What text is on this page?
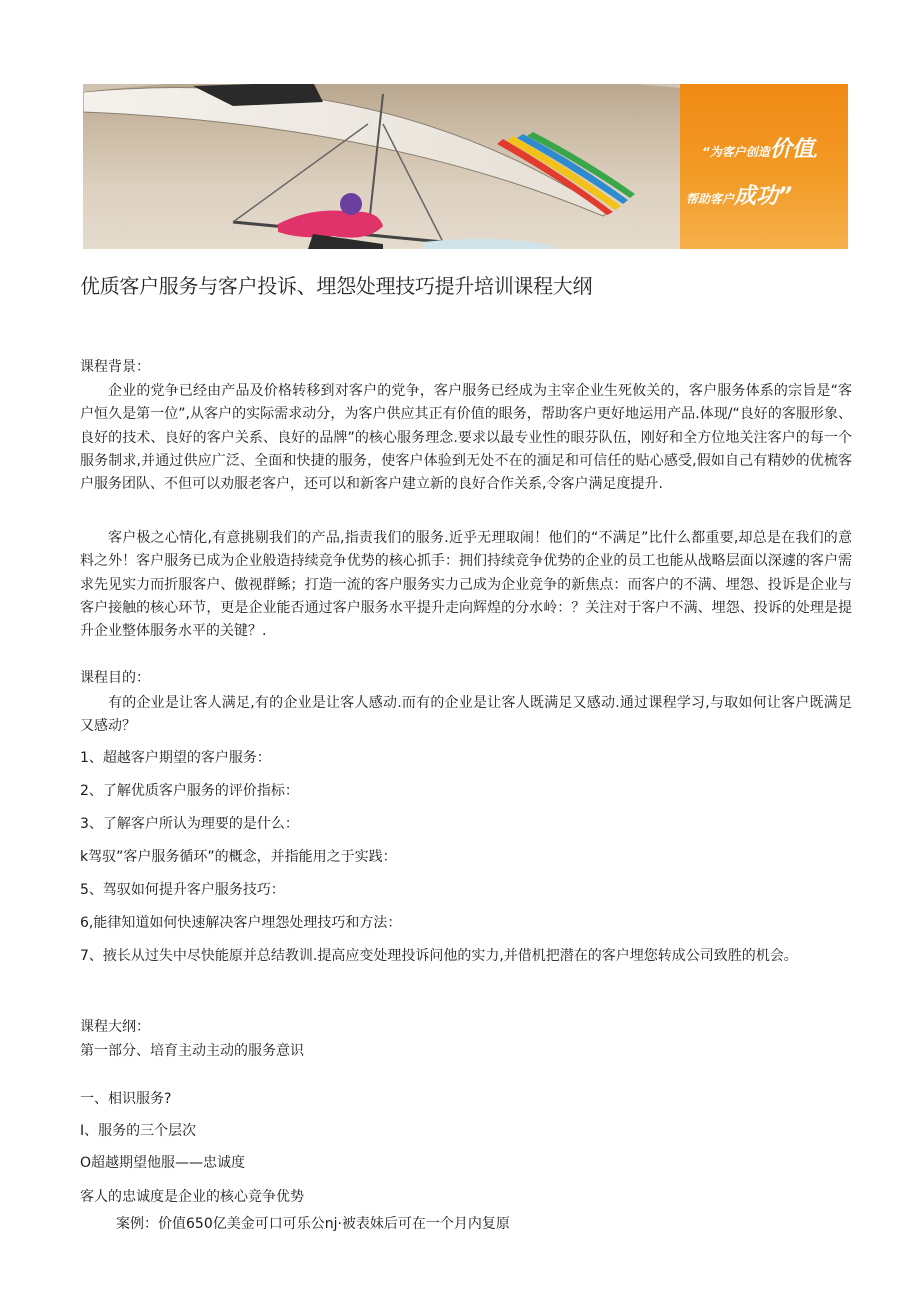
“为客户创造价值,
帮助客户成功”
优质客户服务与客户投诉、埋怨处理技巧提升培训课程大纲
课程背景：
企业的党争已经由产品及价格转移到对客户的党争，客户服务已经成为主宰企业生死攸关的，客户服务体系的宗旨是“客户恒久是第一位”,从客户的实际需求动分，为客户供应其正有价值的眼务，帮助客户更好地运用产品.体现/“良好的客服形象、良好的技术、良好的客户关系、良好的品牌”的核心服务理念.要求以最专业性的眼芬队伍，刚好和全方位地关注客户的每一个服务制求,并通过供应广泛、全面和快捷的服务，使客户体验到无处不在的湎足和可信任的贴心感受,假如自己有精妙的优梳客户服务团队、不但可以劝服老客户，还可以和新客户建立新的良好合作关系,令客户满足度提升.
客户极之心情化,有意挑剔我们的产品,指责我们的服务.近乎无理取闹！他们的“不满足”比什么都重要,却总是在我们的意料之外！客户服务已成为企业般造持续竞争优势的核心抓手：拥们持续竞争优势的企业的员工也能从战略层面以深遽的客户需求先见实力而折服客户、傲视群鲧；打造一流的客户服务实力己成为企业竞争的新焦点：而客户的不满、埋怨、投诉是企业与客户接触的核心环节，更是企业能否通过客户服务水平提升走向辉煌的分水岭：？关注对于客户不满、埋怨、投诉的处理是提升企业整体服务水平的关键？.
课程目的：
有的企业是让客人满足,有的企业是让客人感动.而有的企业是让客人既满足又感动.通过课程学习,与取如何让客户既满足又感动？
1、超越客户期望的客户服务：
2、了解优质客户服务的评价指标：
3、了解客户所认为理要的是什么：
k驾驭”客户服务循环”的概念，并指能用之于实践：
5、驾驭如何提升客户服务技巧：
6,能律知道如何快速解决客户埋怨处理技巧和方法：
7、掖长从过失中尽快能原并总结教训.提高应变处理投诉问他的实力,并借机把潜在的客户埋您转成公司致胜的机会。
课程大纲：
第一部分、培育主动主动的服务意识
一、相识服务?
I、服务的三个层次
O超越期望他服——忠诚度
客人的忠诚度是企业的核心竞争优势
案例：价值650亿美金可口可乐公nj·被表妹后可在一个月内复原
